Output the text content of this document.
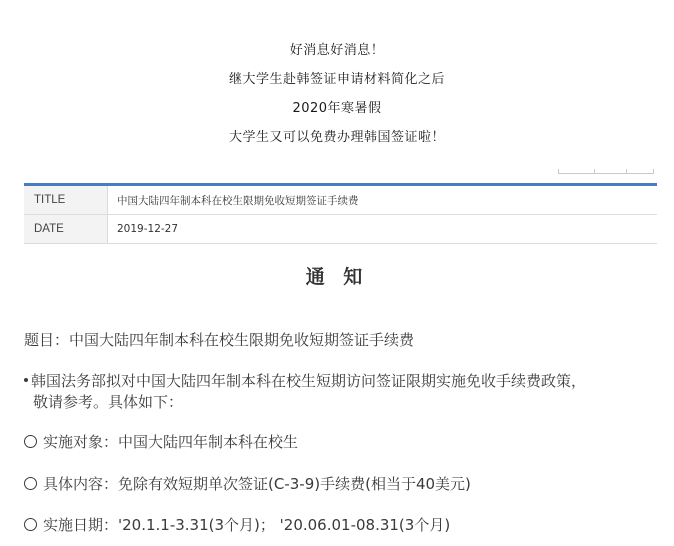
好消息好消息！
继大学生赴韩签证申请材料简化之后
2020年寒暑假
大学生又可以免费办理韩国签证啦！
TITLE	中国大陆四年制本科在校生限期免收短期签证手续费
DATE	2019-12-27
通 知
题目：中国大陆四年制本科在校生限期免收短期签证手续费
韩国法务部拟对中国大陆四年制本科在校生短期访问签证限期实施免收手续费政策，
敬请参考。具体如下：
实施对象：中国大陆四年制本科在校生
具体内容：免除有效短期单次签证(C-3-9)手续费(相当于40美元)
实施日期：'20.1.1-3.31(3个月)； '20.06.01-08.31(3个月)
